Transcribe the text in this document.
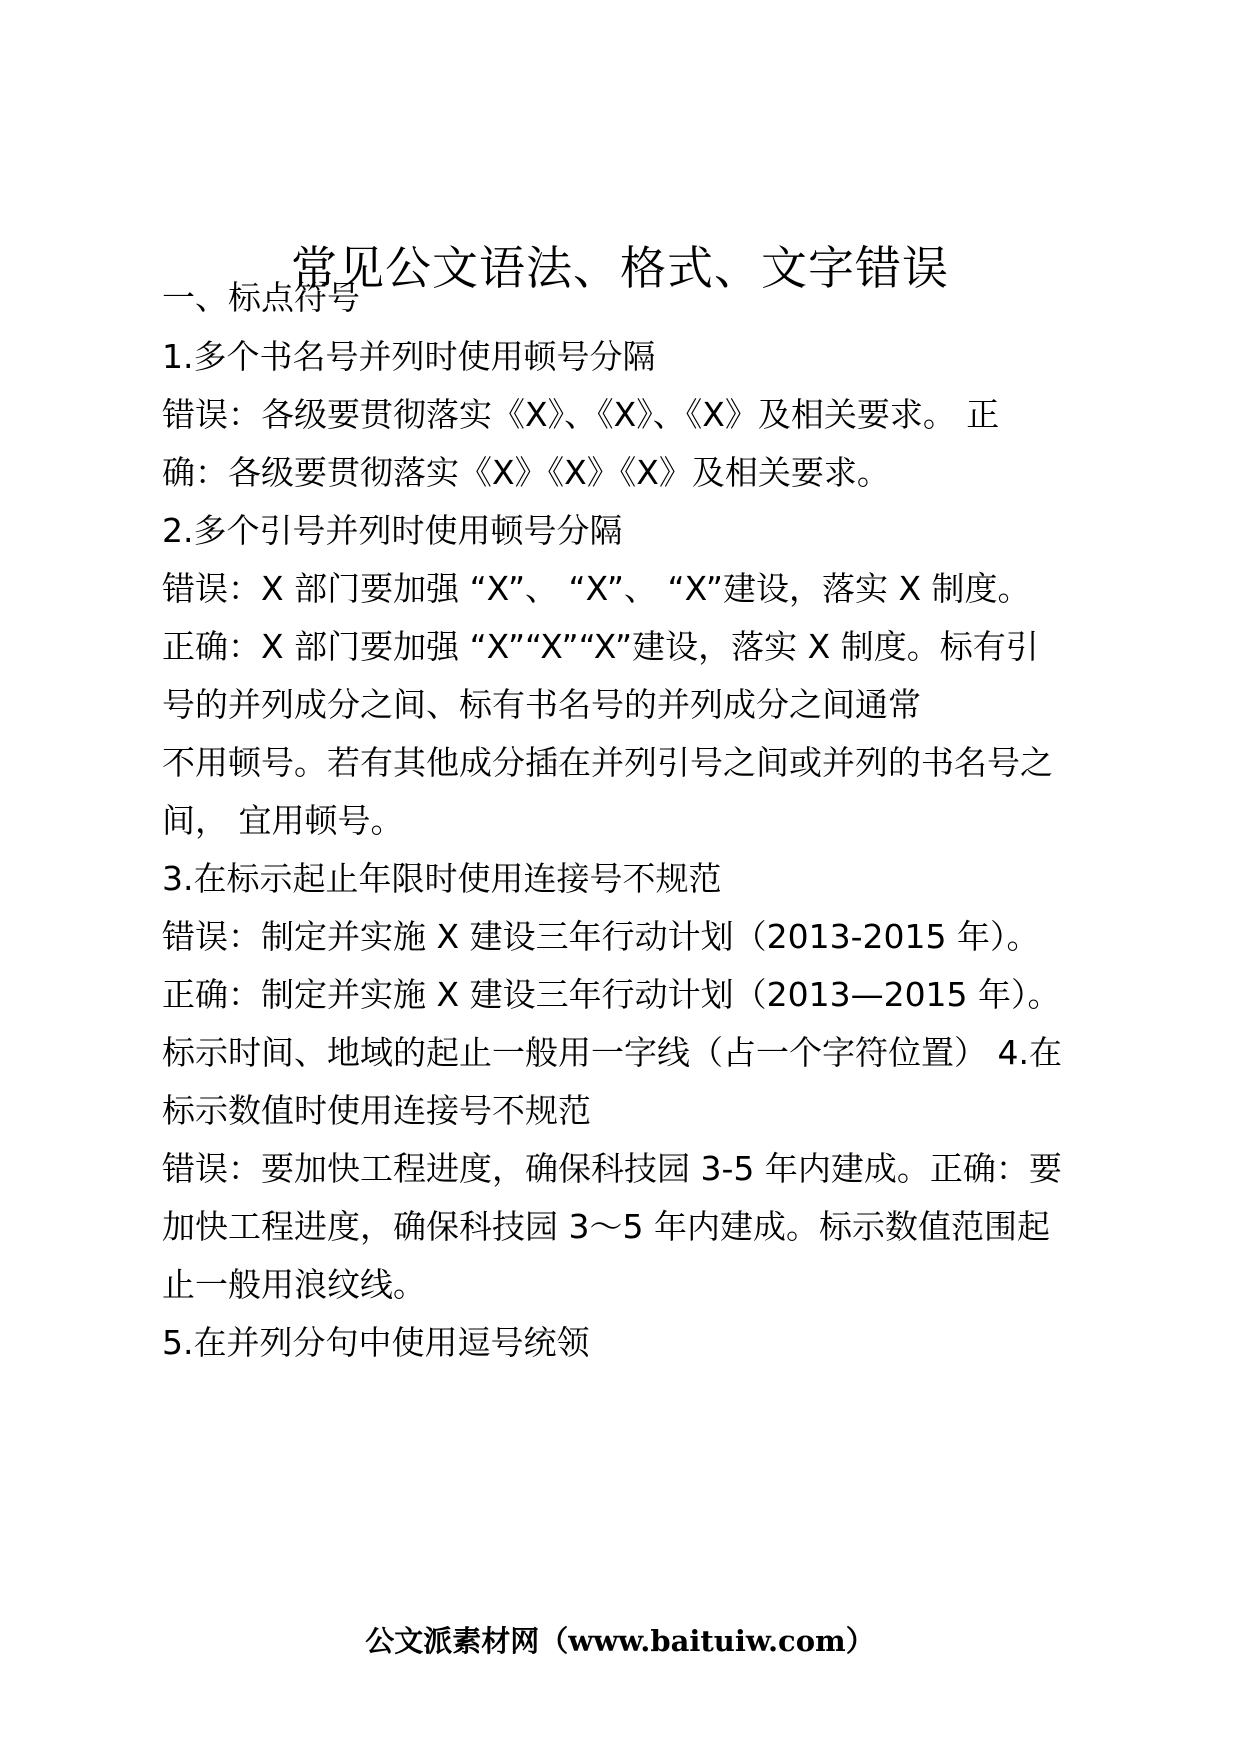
常见公文语法、格式、文字错误
一、标点符号
1.多个书名号并列时使用顿号分隔
错误：各级要贯彻落实《X》、《X》、《X》及相关要求。 正
确：各级要贯彻落实《X》《X》《X》及相关要求。
2.多个引号并列时使用顿号分隔
错误：X 部门要加强 “X”、 “X”、 “X”建设，落实 X 制度。
正确：X 部门要加强 “X”“X”“X”建设，落实 X 制度。标有引
号的并列成分之间、标有书名号的并列成分之间通常
不用顿号。若有其他成分插在并列引号之间或并列的书名号之
间， 宜用顿号。
3.在标示起止年限时使用连接号不规范
错误：制定并实施 X 建设三年行动计划（2013-2015 年）。
正确：制定并实施 X 建设三年行动计划（2013—2015 年）。
标示时间、地域的起止一般用一字线（占一个字符位置） 4.在
标示数值时使用连接号不规范
错误：要加快工程进度，确保科技园 3-5 年内建成。正确：要
加快工程进度，确保科技园 3～5 年内建成。标示数值范围起
止一般用浪纹线。
5.在并列分句中使用逗号统领
公文派素材网（www.baituiw.com）
